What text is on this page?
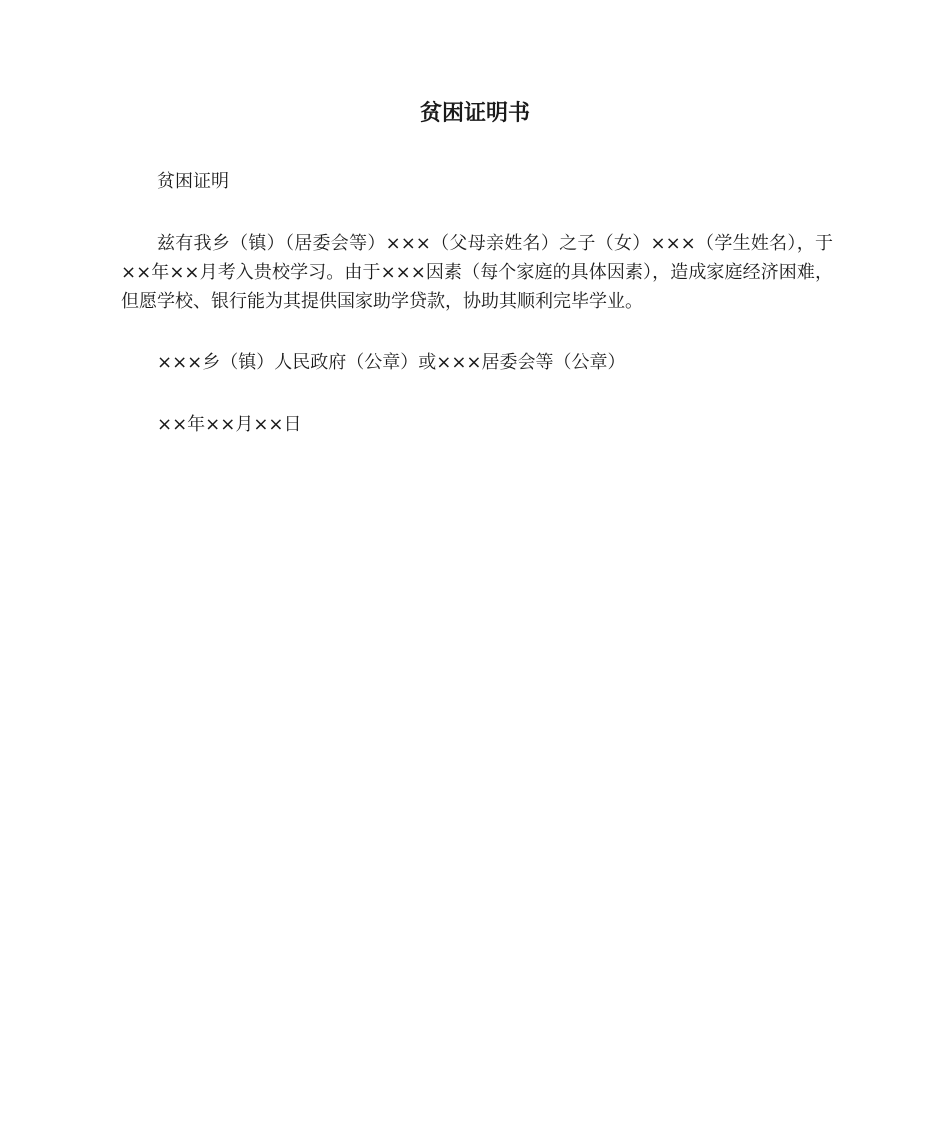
贫困证明书

贫困证明

兹有我乡（镇）（居委会等）×××（父母亲姓名）之子（女）×××（学生姓名），于××年××月考入贵校学习。由于×××因素（每个家庭的具体因素），造成家庭经济困难，但愿学校、银行能为其提供国家助学贷款，协助其顺利完毕学业。

×××乡（镇）人民政府（公章）或×××居委会等（公章）

××年××月××日
